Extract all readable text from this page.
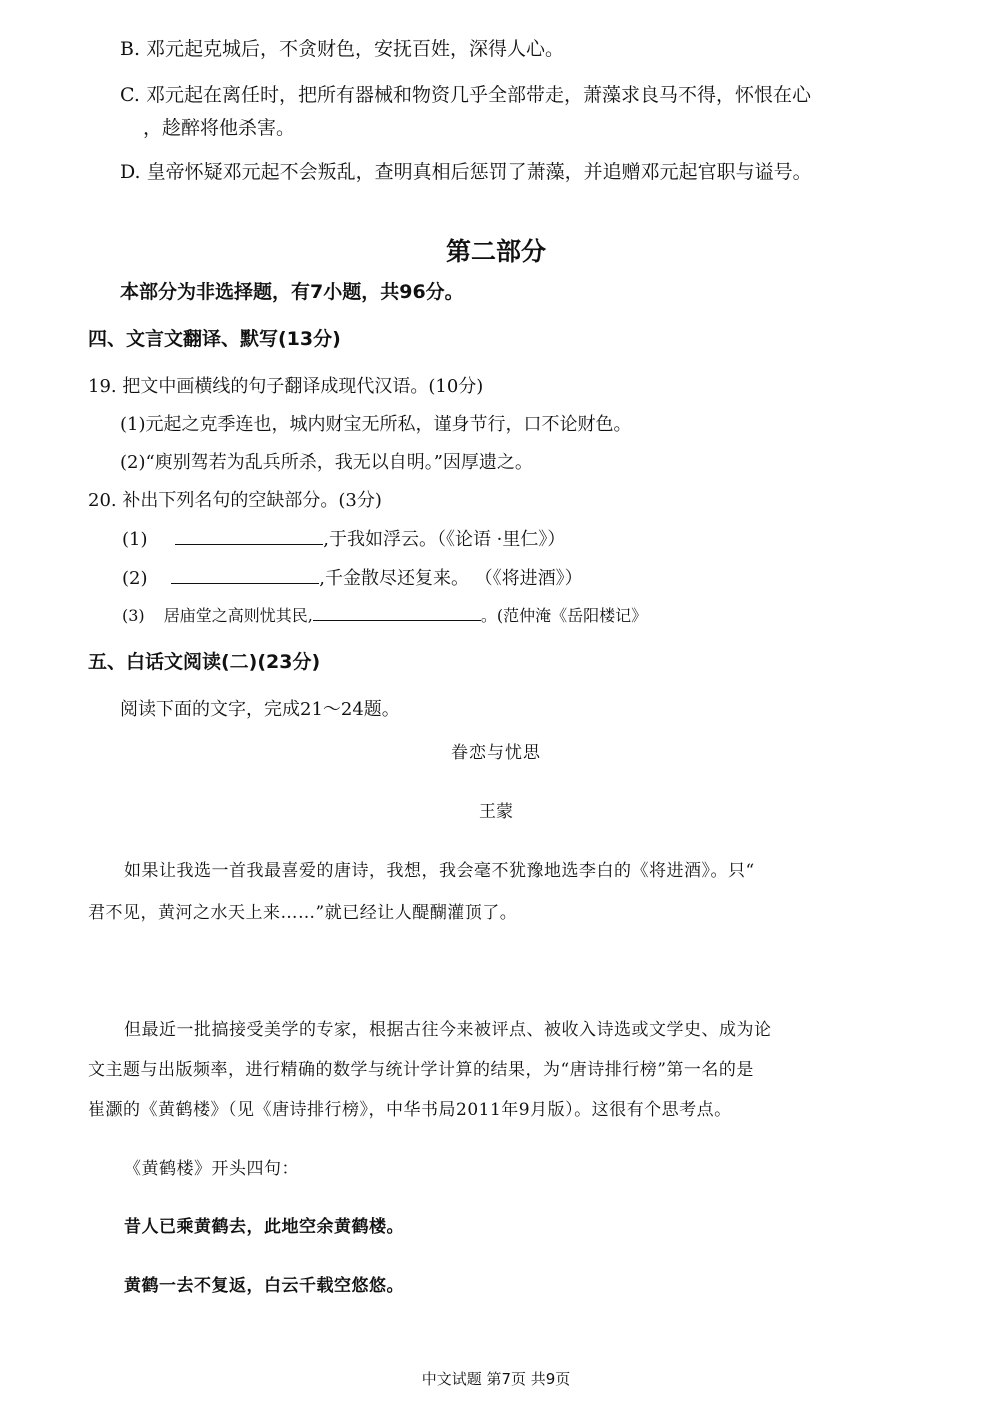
B. 邓元起克城后，不贪财色，安抚百姓，深得人心。
C. 邓元起在离任时，把所有器械和物资几乎全部带走，萧藻求良马不得，怀恨在心
，趁醉将他杀害。
D. 皇帝怀疑邓元起不会叛乱，查明真相后惩罚了萧藻，并追赠邓元起官职与谥号。
第二部分
本部分为非选择题，有7小题，共96分。
四、文言文翻译、默写(13分)
19. 把文中画横线的句子翻译成现代汉语。(10分)
(1)元起之克季连也，城内财宝无所私，谨身节行，口不论财色。
(2)“庾别驾若为乱兵所杀，我无以自明。”因厚遗之。
20. 补出下列名句的空缺部分。(3分)
(1)	,于我如浮云。（《论语 ·里仁》）
(2)	,千金散尽还复来。 （《将进酒》）
(3) 居庙堂之高则忧其民,	。(范仲淹《岳阳楼记》
五、白话文阅读(二)(23分)
阅读下面的文字，完成21～24题。
眷恋与忧思
王蒙
如果让我选一首我最喜爱的唐诗，我想，我会毫不犹豫地选李白的《将进酒》。只“
君不见，黄河之水天上来……”就已经让人醍醐灌顶了。
但最近一批搞接受美学的专家，根据古往今来被评点、被收入诗选或文学史、成为论
文主题与出版频率，进行精确的数学与统计学计算的结果，为“唐诗排行榜”第一名的是
崔灏的《黄鹤楼》（见《唐诗排行榜》，中华书局2011年9月版）。这很有个思考点。
《黄鹤楼》开头四句：
昔人已乘黄鹤去，此地空余黄鹤楼。
黄鹤一去不复返，白云千载空悠悠。
中文试题 第7页 共9页
